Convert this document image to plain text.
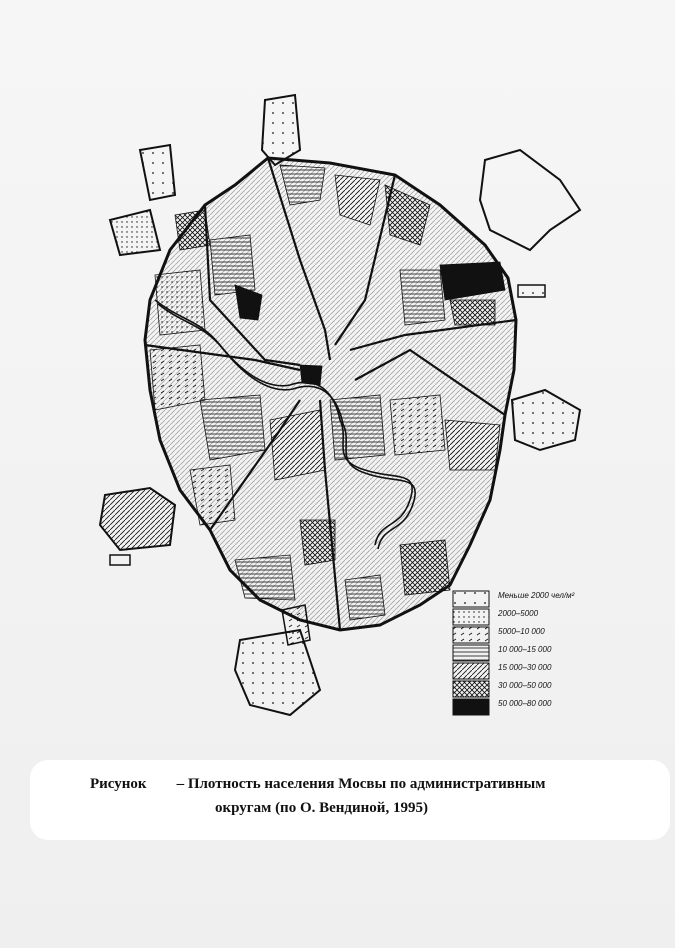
Меньше 2000 чел/м²
2000–5000
5000–10 000
10 000–15 000
15 000–30 000
30 000–50 000
50 000–80 000
Рисунок – Плотность населения Мосвы по административным
округам (по О. Вендиной, 1995)
